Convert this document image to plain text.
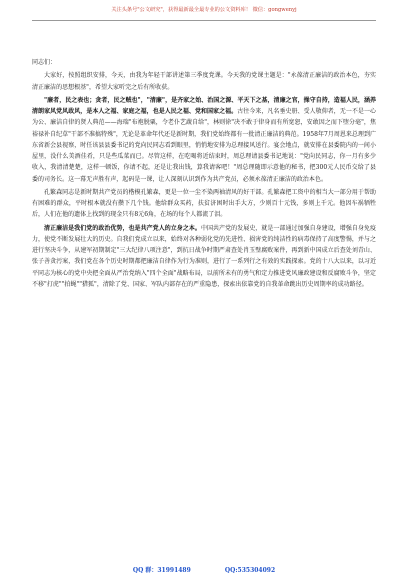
关注头条号"公文研究"，获得最新最全最专业的公文资料库！ 微信：gongwenyj

同志们：

大家好，按照组织安排，今天，由我为年轻干部讲述第三季度党课。今天我的党课主题是："永葆清正廉洁的政治本色，夯实清正廉洁的思想根基"，希望大家听完之后有所收获。

"廉者，民之表也；贪者，民之贼也"，"清廉"，是齐家之始、治国之源、平天下之基，清廉之官，操守自持，造福人民，涵养清朗家风党风政风，是本人之福、家庭之福，也是人民之福、党和国家之福。古往今来，凡名垂史册、受人敬仰者，无一不是一心为公、廉洁自律的贤人典范——海瑞"布袍脱粟，令老仆艺蔬自给"，林则徐"决不敢于律身而有所宽恕，安敢因之而下堕分毫"，焦裕禄补自纪草"干部不准搞特殊"，无论是革命年代还是新时期，我们党始终都有一批清正廉洁的典范。1958年7月周恩来总理到广东省新会县视察，时任该县县委书记的党向民同志看到眼里，悄悄地安排为总理接风送行。宴会地点，就安排在县委院内的一间小屋里，没什么美酒佳肴，只是些瓜菜而已。尽管这样，在吃喝将近结束时，周总理请县委书记地说："党向民同志，你一月有多少收入，我清清楚楚，这样一顿饭，你请不起，还是让我出钱，算我请客吧！"周总理随即示意他的秘书，把300元人民币交给了县委的司务长。这一幕无声胜有声，起码是一课，让人深刻认识到作为共产党员，必须永葆清正廉洁的政治本色。

孔繁森同志是新时期共产党员的楷模孔繁森，更是一位一尘不染两袖清风的好干部。孔繁森把工资中的相当大一部分用于帮助有困难的群众，平时根本就没有攒下几个钱。他给群众买药，扶贫济困时出手大方，少则百十元钱，多则上千元。他因车祸牺牲后，人们在他的遗体上找到的现金只有8元6角，在场的每个人都流了泪。

清正廉洁是我们党的政治优势，也是共产党人的立身之本。中国共产党的发展史，就是一部通过加强自身建设，增强自身免疫力，使党不断发展壮大的历史。自我们党成立以来，始终对各种弱化党的先进性、损害党的纯洁性的病毒保持了高度警惕，并与之进行坚决斗争，从建军初期制定"三大纪律八项注意"，到抗日战争时期严肃查处肖玉璧腐败案件，再到新中国成立后查处刘青山、张子善贪污案，我们党在各个历史时期都把廉洁自律作为行为准则，进行了一系列行之有效的实践探索。党的十八大以来，以习近平同志为核心的党中央把全面从严治党纳入"四个全面"战略布局，以前所未有的勇气和定力推进党风廉政建设和反腐败斗争，坚定不移"打虎""拍蝇""猎狐"，清除了党、国家、军队内部存在的严重隐患，探索出依靠党的自我革命跳出历史周期率的成功路径。

QQ 群：31991489	QQ:535304092
